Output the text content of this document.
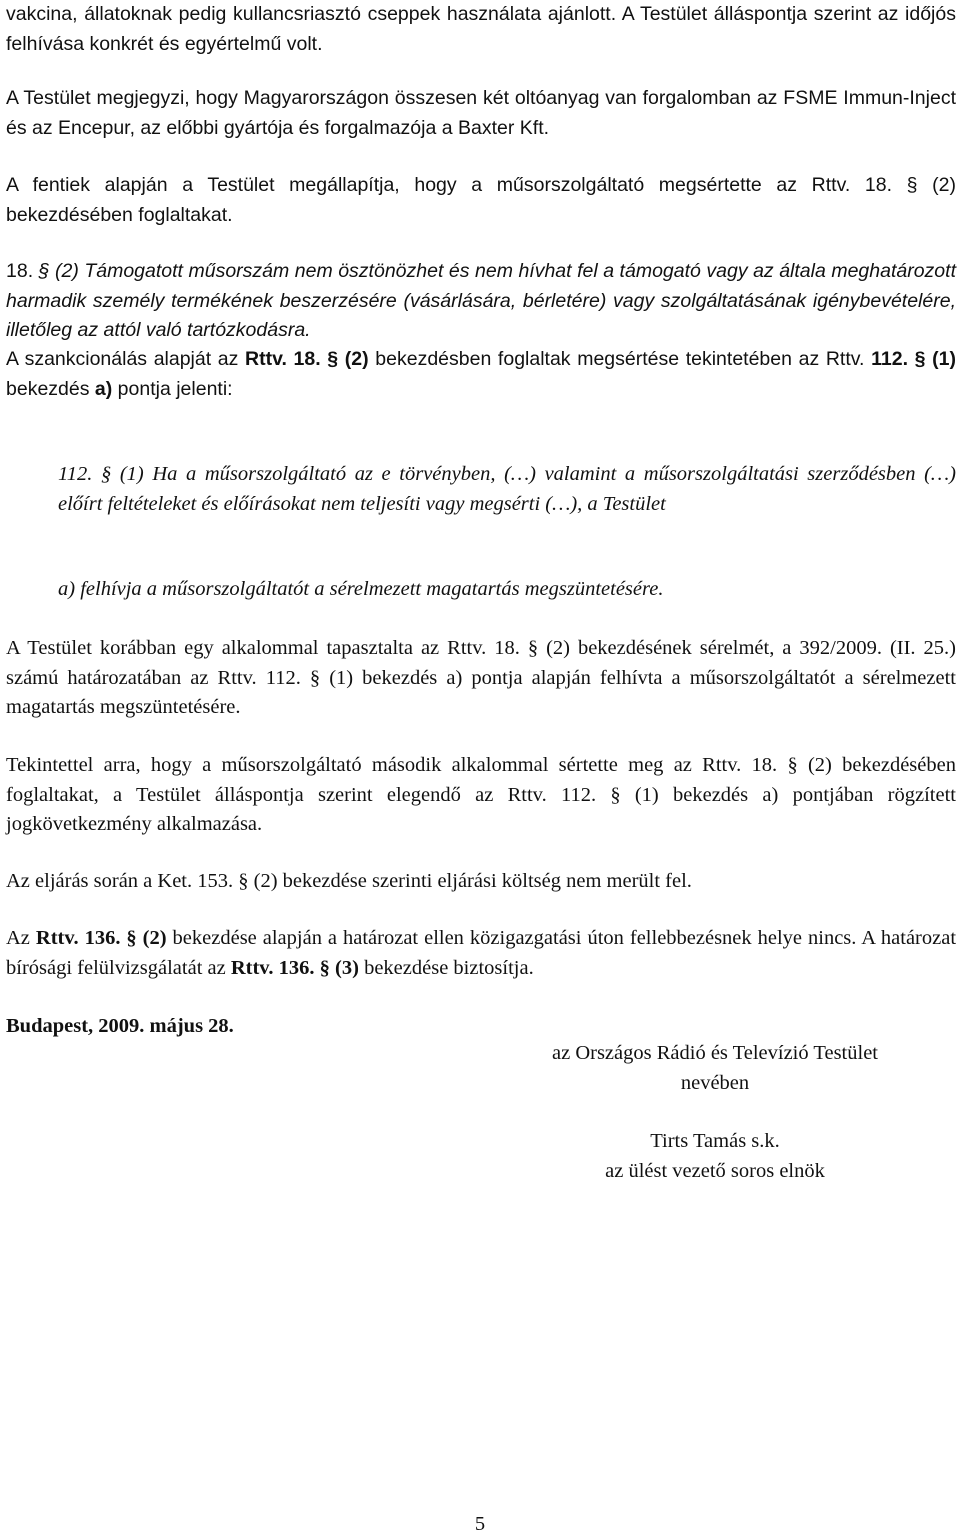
vakcina, állatoknak pedig kullancsriasztó cseppek használata ajánlott. A Testület álláspontja szerint az időjós felhívása konkrét és egyértelmű volt.

A Testület megjegyzi, hogy Magyarországon összesen két oltóanyag van forgalomban az FSME Immun-Inject és az Encepur, az előbbi gyártója és forgalmazója a Baxter Kft.

A fentiek alapján a Testület megállapítja, hogy a műsorszolgáltató megsértette az Rttv. 18. § (2) bekezdésében foglaltakat.

18. § (2) Támogatott műsorszám nem ösztönözhet és nem hívhat fel a támogató vagy az általa meghatározott harmadik személy termékének beszerzésére (vásárlására, bérletére) vagy szolgáltatásának igénybevételére, illetőleg az attól való tartózkodásra.

A szankcionálás alapját az Rttv. 18. § (2) bekezdésben foglaltak megsértése tekintetében az Rttv. 112. § (1) bekezdés a) pontja jelenti:

112. § (1) Ha a műsorszolgáltató az e törvényben, (…) valamint a műsorszolgáltatási szerződésben (…) előírt feltételeket és előírásokat nem teljesíti vagy megsérti (…), a Testület

a) felhívja a műsorszolgáltatót a sérelmezett magatartás megszüntetésére.

A Testület korábban egy alkalommal tapasztalta az Rttv. 18. § (2) bekezdésének sérelmét, a 392/2009. (II. 25.) számú határozatában az Rttv. 112. § (1) bekezdés a) pontja alapján felhívta a műsorszolgáltatót a sérelmezett magatartás megszüntetésére.

Tekintettel arra, hogy a műsorszolgáltató második alkalommal sértette meg az Rttv. 18. § (2) bekezdésében foglaltakat, a Testület álláspontja szerint elegendő az Rttv. 112. § (1) bekezdés a) pontjában rögzített jogkövetkezmény alkalmazása.

Az eljárás során a Ket. 153. § (2) bekezdése szerinti eljárási költség nem merült fel.

Az Rttv. 136. § (2) bekezdése alapján a határozat ellen közigazgatási úton fellebbezésnek helye nincs. A határozat bírósági felülvizsgálatát az Rttv. 136. § (3) bekezdése biztosítja.

Budapest, 2009. május 28.

az Országos Rádió és Televízió Testület
nevében
Tirts Tamás s.k.
az ülést vezető soros elnök
5
